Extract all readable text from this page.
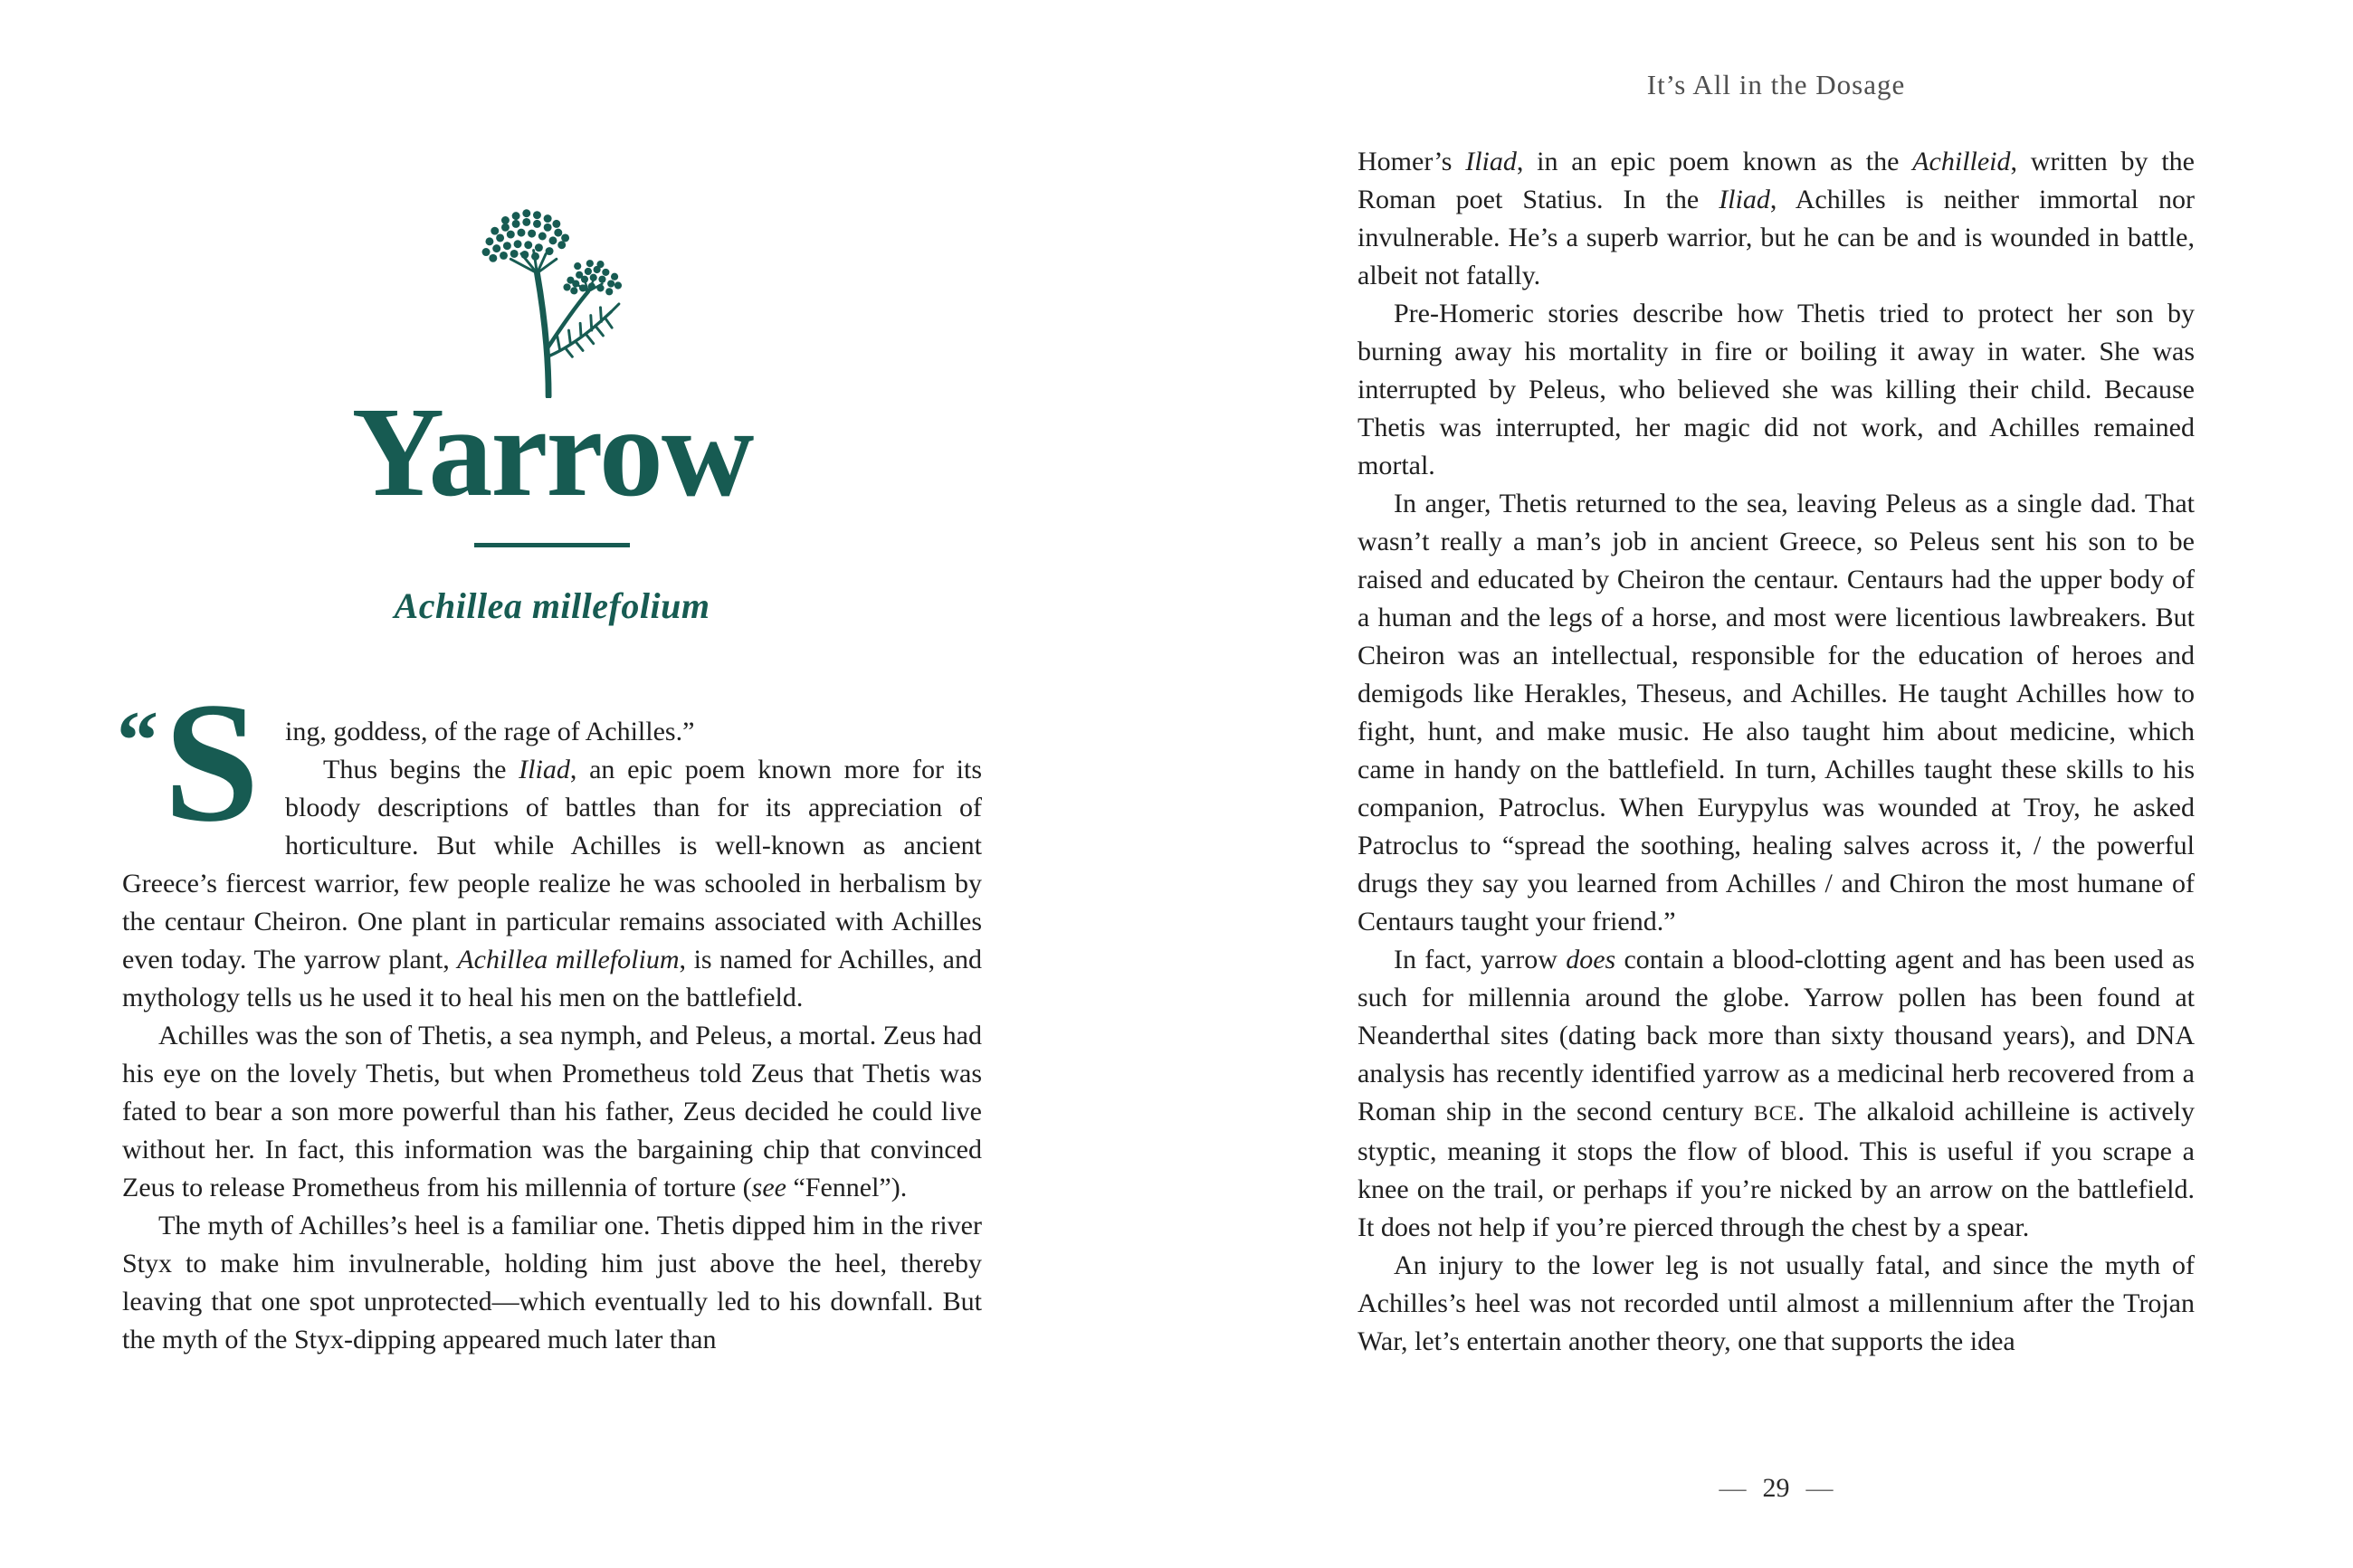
Yarrow
Achillea millefolium
“ S ing, goddess, of the rage of Achilles.”
Thus begins the Iliad, an epic poem known more for its bloody descriptions of battles than for its appreciation of horticulture. But while Achilles is well-known as ancient Greece’s fiercest warrior, few people realize he was schooled in herbalism by the centaur Cheiron. One plant in particular remains associated with Achilles even today. The yarrow plant, Achillea millefolium, is named for Achilles, and mythology tells us he used it to heal his men on the battlefield.

Achilles was the son of Thetis, a sea nymph, and Peleus, a mortal. Zeus had his eye on the lovely Thetis, but when Prometheus told Zeus that Thetis was fated to bear a son more powerful than his father, Zeus decided he could live without her. In fact, this information was the bargaining chip that convinced Zeus to release Prometheus from his millennia of torture (see “Fennel”).

The myth of Achilles’s heel is a familiar one. Thetis dipped him in the river Styx to make him invulnerable, holding him just above the heel, thereby leaving that one spot unprotected—which eventually led to his downfall. But the myth of the Styx-dipping appeared much later than

It’s All in the Dosage

Homer’s Iliad, in an epic poem known as the Achilleid, written by the Roman poet Statius. In the Iliad, Achilles is neither immortal nor invulnerable. He’s a superb warrior, but he can be and is wounded in battle, albeit not fatally.

Pre-Homeric stories describe how Thetis tried to protect her son by burning away his mortality in fire or boiling it away in water. She was interrupted by Peleus, who believed she was killing their child. Because Thetis was interrupted, her magic did not work, and Achilles remained mortal.

In anger, Thetis returned to the sea, leaving Peleus as a single dad. That wasn’t really a man’s job in ancient Greece, so Peleus sent his son to be raised and educated by Cheiron the centaur. Centaurs had the upper body of a human and the legs of a horse, and most were licentious lawbreakers. But Cheiron was an intellectual, responsible for the education of heroes and demigods like Herakles, Theseus, and Achilles. He taught Achilles how to fight, hunt, and make music. He also taught him about medicine, which came in handy on the battlefield. In turn, Achilles taught these skills to his companion, Patroclus. When Eurypylus was wounded at Troy, he asked Patroclus to “spread the soothing, healing salves across it, / the powerful drugs they say you learned from Achilles / and Chiron the most humane of Centaurs taught your friend.”

In fact, yarrow does contain a blood-clotting agent and has been used as such for millennia around the globe. Yarrow pollen has been found at Neanderthal sites (dating back more than sixty thousand years), and DNA analysis has recently identified yarrow as a medicinal herb recovered from a Roman ship in the second century BCE. The alkaloid achilleine is actively styptic, meaning it stops the flow of blood. This is useful if you scrape a knee on the trail, or perhaps if you’re nicked by an arrow on the battlefield. It does not help if you’re pierced through the chest by a spear.

An injury to the lower leg is not usually fatal, and since the myth of Achilles’s heel was not recorded until almost a millennium after the Trojan War, let’s entertain another theory, one that supports the idea

— 29 —
